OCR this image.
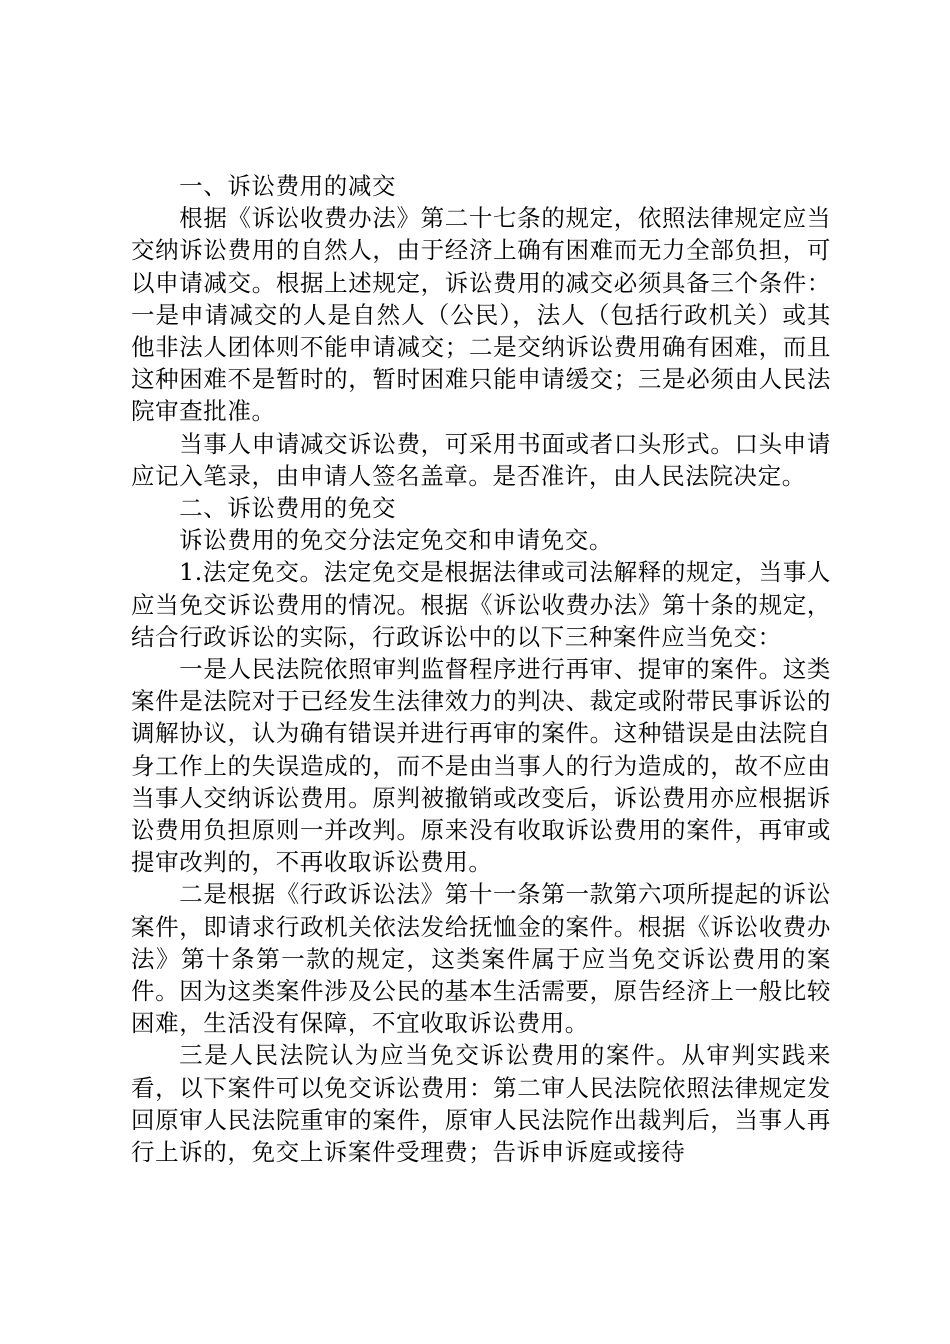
一、诉讼费用的减交

根据《诉讼收费办法》第二十七条的规定，依照法律规定应当交纳诉讼费用的自然人，由于经济上确有困难而无力全部负担，可以申请减交。根据上述规定，诉讼费用的减交必须具备三个条件：一是申请减交的人是自然人（公民），法人（包括行政机关）或其他非法人团体则不能申请减交；二是交纳诉讼费用确有困难，而且这种困难不是暂时的，暂时困难只能申请缓交；三是必须由人民法院审查批准。

当事人申请减交诉讼费，可采用书面或者口头形式。口头申请应记入笔录，由申请人签名盖章。是否准许，由人民法院决定。

二、诉讼费用的免交

诉讼费用的免交分法定免交和申请免交。

1.法定免交。法定免交是根据法律或司法解释的规定，当事人应当免交诉讼费用的情况。根据《诉讼收费办法》第十条的规定，结合行政诉讼的实际，行政诉讼中的以下三种案件应当免交：

一是人民法院依照审判监督程序进行再审、提审的案件。这类案件是法院对于已经发生法律效力的判决、裁定或附带民事诉讼的调解协议，认为确有错误并进行再审的案件。这种错误是由法院自身工作上的失误造成的，而不是由当事人的行为造成的，故不应由当事人交纳诉讼费用。原判被撤销或改变后，诉讼费用亦应根据诉讼费用负担原则一并改判。原来没有收取诉讼费用的案件，再审或提审改判的，不再收取诉讼费用。

二是根据《行政诉讼法》第十一条第一款第六项所提起的诉讼案件，即请求行政机关依法发给抚恤金的案件。根据《诉讼收费办法》第十条第一款的规定，这类案件属于应当免交诉讼费用的案件。因为这类案件涉及公民的基本生活需要，原告经济上一般比较困难，生活没有保障，不宜收取诉讼费用。

三是人民法院认为应当免交诉讼费用的案件。从审判实践来看，以下案件可以免交诉讼费用：第二审人民法院依照法律规定发回原审人民法院重审的案件，原审人民法院作出裁判后，当事人再行上诉的，免交上诉案件受理费；告诉申诉庭或接待
